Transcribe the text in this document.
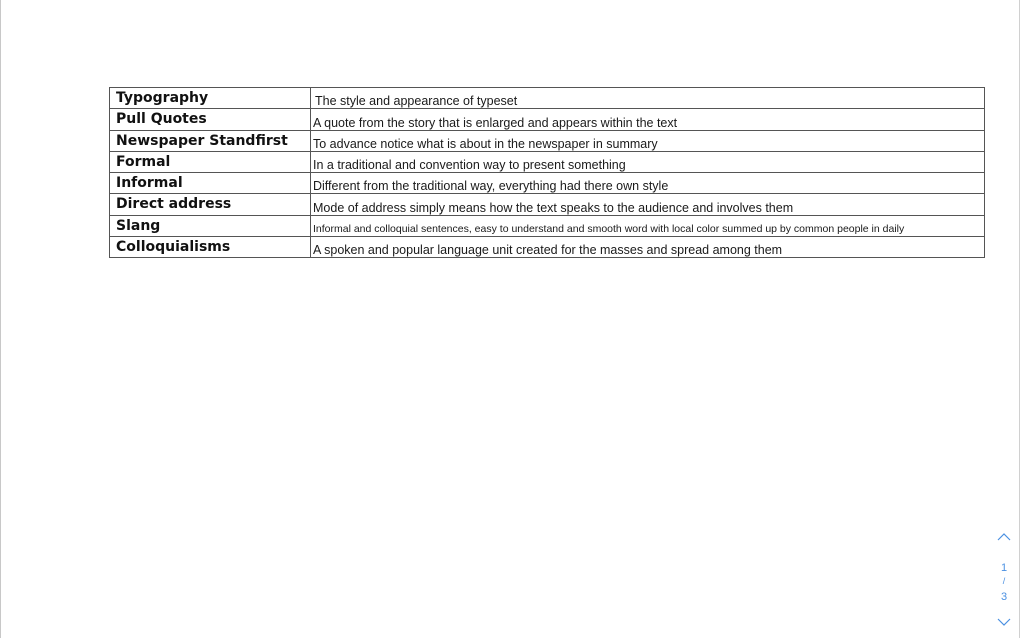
Typography	The style and appearance of typeset
Pull Quotes	A quote from the story that is enlarged and appears within the text
Newspaper Standfirst	To advance notice what is about in the newspaper in summary
Formal	In a traditional and convention way to present something
Informal	Different from the traditional way, everything had there own style
Direct address	Mode of address simply means how the text speaks to the audience and involves them
Slang	Informal and colloquial sentences, easy to understand and smooth word with local color summed up by common people in daily
Colloquialisms	A spoken and popular language unit created for the masses and spread among them
1
/
3
